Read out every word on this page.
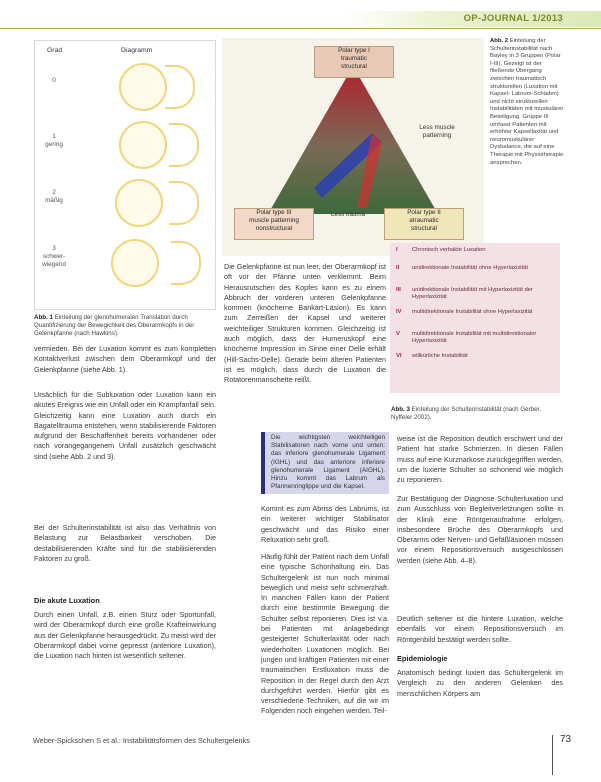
OP-JOURNAL 1/2013
Grad	Diagramm
0
1
gering
2
mäßig
3
schwer-
wiegend
Abb. 1 Einteilung der glenohumeralen Translation durch Quantifizierung der Bewegichkeit des Oberarmkopfs in der Gelenkpfanne (nach Hawkins).
Polar type I
traumatic
structural
Polar type III
muscle patterning
nonstructural
Polar type II
atraumatic
structural
Less muscle
patterning
Less trauma
Abb. 2 Einteilung der Schulterinstabilität nach Bayley in 3 Gruppen (Polar I-III). Gezeigt ist der fließende Übergang zwischen traumatisch strukturellen (Luxation mit Kapsel- Labrum-Schäden) und nicht strukturellen Instabilitäten mit muskulärer Beteiligung. Gruppe III umfasst Patienten mit erhöhter Kapsellaxität und neuromuskulärer Dysbalance, die auf eine Therapie mit Physiotherapie ansprechen.
I Chronisch verhakte Luxation
II unidirektionale Instabilität ohne Hyperlaxizität
III unidirektionale Instabilität mit Hyperlaxizität der Hyperlaxizität
IV multidirektionale Instabilität ohne Hyperlaxizität
V multidirektionale Instabilität mit multidirektionaler Hyperlaxizität
VI willkürliche Instabilität
Abb. 3 Einteilung der Schulterinstabilität (nach Gerber, Nyffeler 2002).
vermieden. Bei der Luxation kommt es zum kompletten Kontaktverlust zwischen dem Oberarmkopf und der Gelenkpfanne (siehe Abb. 1).
Ursächlich für die Subluxation oder Luxation kann ein akutes Ereignis wie ein Unfall oder ein Krampfanfall sein. Gleichzeitig kann eine Luxation auch durch ein Bagatelltrauma entstehen, wenn stabilisierende Faktoren aufgrund der Beschaffenheit bereits vorhandener oder nach vorangegangenem Unfall zusätzlich geschwächt sind (siehe Abb. 2 und 3).
Bei der Schulterinstabilität ist also das Verhältnis von Belastung zur Belastbarkeit verschoben. Die destabilisierenden Kräfte sind für die stabilisierenden Faktoren zu groß.
Die akute Luxation
Durch einen Unfall, z.B. einen Sturz oder Sportunfall, wird der Oberarmkopf durch eine große Krafteinwirkung aus der Gelenkpfanne herausgedrückt. Zu meist wird der Oberarmkopf dabei vorne gepresst (anteriore Luxation), die Luxation nach hinten ist wesentlich seltener.
Die Gelenkpfanne ist nun leer, der Oberarmkopf ist oft vor der Pfanne unten verklemmt. Beim Herausrutschen des Kopfes kann es zu einem Abbruch der vorderen unteren Gelenkpfanne kommen (knöcherne Bankart-Läsion). Es kann zum Zerreißen der Kapsel und weiterer weichteiliger Strukturen kommen. Gleichzeitig ist auch möglich, dass der Humeruskopf eine knöcherne Impression im Sinne einer Delle erhält (Hill-Sachs-Delle). Gerade beim älteren Patienten ist es möglich, dass durch die Luxation die Rotatorenmanschette reißt.
Die wichtigsten weichteiligen Stabilisatoren nach vorne und unten: das inferiore glenohumerale Ligament (IGHL) und das anteriore inferiore glenohumerale Ligament (AIGHL). Hinzu kommt das Labrum als Pfannenringlippe und die Kapsel.
Kommt es zum Abriss des Labrums, ist ein weiterer wichtiger Stabilisator geschwächt und das Risiko einer Reluxation sehr groß.
Häufig fühlt der Patient nach dem Unfall eine typische Schonhaltung ein. Das Schultergelenk ist nun noch minimal beweglich und meist sehr schmerzhaft. In manchen Fällen kann der Patient durch eine bestimmte Bewegung die Schulter selbst reponieren. Dies ist v.a. bei Patienten mit anlagebedingt gesteigerter Schulterlaxität oder nach wiederholten Luxationen möglich. Bei jungen und kräftigen Patienten mit einer traumatischen Erstluxation muss die Reposition in der Regel durch den Arzt durchgeführt werden. Hierfür gibt es verschiedene Techniken, auf die wir im Folgenden noch eingehen werden. Teil-
weise ist die Reposition deutlich erschwert und der Patient hat starke Schmerzen. In diesen Fällen muss auf eine Kurznarkose zurückgegriffen werden, um die luxierte Schulter so schonend wie möglich zu reponieren.
Zur Bestätigung der Diagnose Schulterluxation und zum Ausschluss von Begleitverletzungen sollte in der Klinik eine Röntgenaufnahme erfolgen, insbesondere Brüche des Oberarmkopfs und Oberarms oder Nerven- und Gefäßläsionen müssen vor einem Repositionsversuch ausgeschlossen werden (siehe Abb. 4–8).
Deutlich seltener ist die hintere Luxation, welche ebenfalls vor einem Repositionsversuch im Röntgenbild bestätigt werden sollte.
Epidemiologie
Anatomisch bedingt luxiert das Schultergelenk im Vergleich zu den anderen Gelenken des menschlichen Körpers am
Weber-Spickschen S et al.: Instabilitätsformen des Schultergelenks	73
